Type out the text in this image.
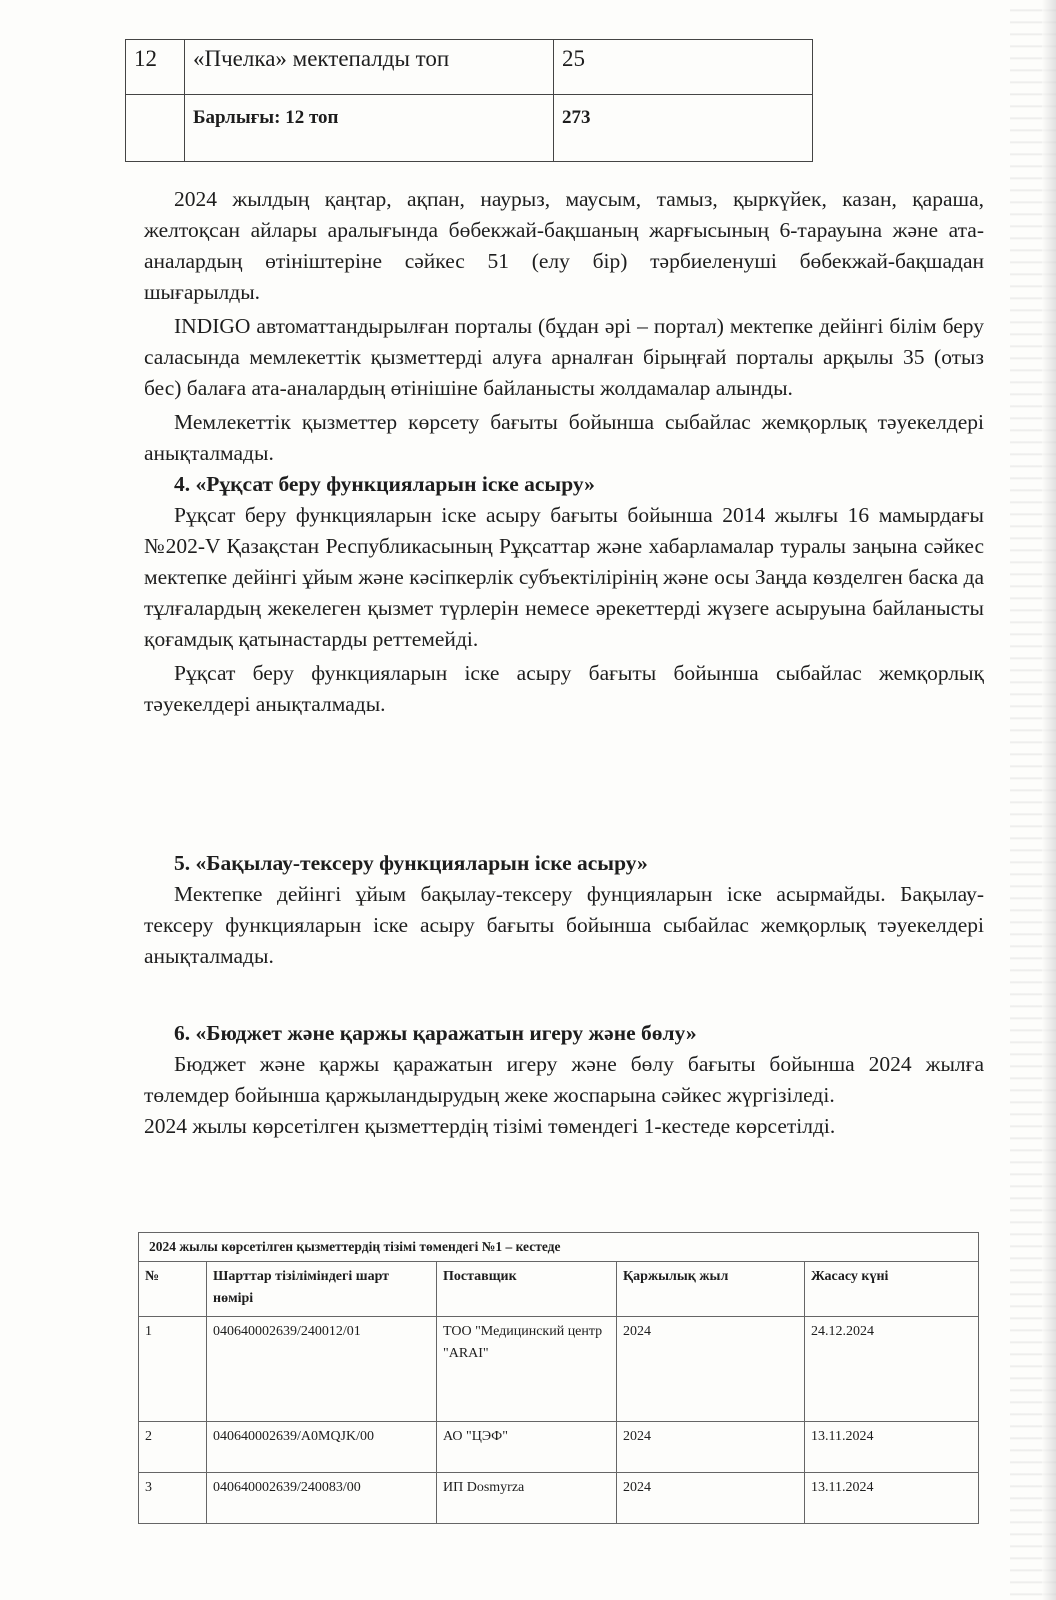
12	«Пчелка» мектепалды топ	25
	Барлығы: 12 топ	273

2024 жылдың қаңтар, ақпан, наурыз, маусым, тамыз, қыркүйек, казан, қараша, желтоқсан айлары аралығында бөбекжай-бақшаның жарғысының 6-тарауына және ата-аналардың өтініштеріне сәйкес 51 (елу бір) тәрбиеленуші бөбекжай-бақшадан шығарылды.

INDIGO автоматтандырылған порталы (бұдан әрі – портал) мектепке дейінгі білім беру саласында мемлекеттік қызметтерді алуға арналған бірыңғай порталы арқылы 35 (отыз бес) балаға ата-аналардың өтінішіне байланысты жолдамалар алынды.

Мемлекеттік қызметтер көрсету бағыты бойынша сыбайлас жемқорлық тәуекелдері анықталмады.

4. «Рұқсат беру функцияларын іске асыру»

Рұқсат беру функцияларын іске асыру бағыты бойынша 2014 жылғы 16 мамырдағы №202-V Қазақстан Республикасының Рұқсаттар және хабарламалар туралы заңына сәйкес мектепке дейінгі ұйым және кәсіпкерлік субъектілірінің және осы Заңда көзделген баска да тұлғалардың жекелеген қызмет түрлерін немесе әрекеттерді жүзеге асыруына байланысты қоғамдық қатынастарды реттемейді.

Рұқсат беру функцияларын іске асыру бағыты бойынша сыбайлас жемқорлық тәуекелдері анықталмады.

5. «Бақылау-тексеру функцияларын іске асыру»

Мектепке дейінгі ұйым бақылау-тексеру фунцияларын іске асырмайды. Бақылау-тексеру функцияларын іске асыру бағыты бойынша сыбайлас жемқорлық тәуекелдері анықталмады.

6. «Бюджет және қаржы қаражатын игеру және бөлу»

Бюджет және қаржы қаражатын игеру және бөлу бағыты бойынша 2024 жылға төлемдер бойынша қаржыландырудың жеке жоспарына сәйкес жүргізіледі.

2024 жылы көрсетілген қызметтердің тізімі төмендегі 1-кестеде көрсетілді.

2024 жылы көрсетілген қызметтердің тізімі төмендегі №1 – кестеде				
№	Шарттар тізіліміндегі шарт нөмірі	Поставщик	Қаржылық жыл	Жасасу күні
1	040640002639/240012/01	ТОО "Медицинский центр "ARAI"	2024	24.12.2024
2	040640002639/A0MQJK/00	АО "ЦЭФ"	2024	13.11.2024
3	040640002639/240083/00	ИП Dosmyrza	2024	13.11.2024
